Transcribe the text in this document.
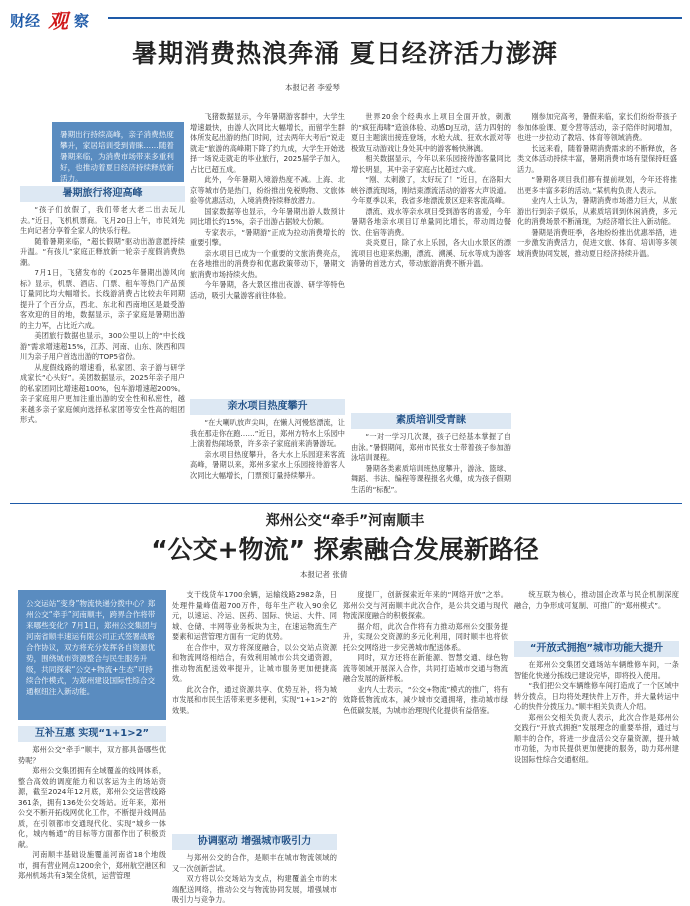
财经 观 察
暑期消费热浪奔涌 夏日经济活力澎湃
本报记者 李爱琴
暑期出行持续高峰，亲子消费热度攀升，家居培训受到青睐……随着暑期来临，为消费市场带来多重利好，也推动着夏日经济持续释放新活力。
暑期旅行将迎高峰

“孩子们放假了，我们带老大老二出去玩儿去。”近日，飞机机票商。飞月20日上午，市民刘先生向记者分享着全家人的快乐行程。

随着暑期来临，“超长假期”驱动出游意愿持续升温。“有孩儿”家庭正释放新一轮亲子度假消费热潮。

7月1日，飞猪发布的《2025年暑期出游风向标》显示，机票、酒店、门票、租车等热门产品预订量同比均大幅增长。长线游消费占比较去年同期提升了个百分点，西北、东北和西南地区是最受游客欢迎的目的地，数据显示，亲子家庭是暑期出游的主力军，占比近六成。

美团旅行数据也显示，300公里以上的“中长线游”需求增速超15%，江苏、河南、山东、陕西和四川为亲子用户首选出游的TOP5省份。

从度假线路的增速看，私家团、亲子游与研学成家长“心头好”。美团数据显示，2025年亲子用户的私家团同比增速超100%，包车游增速超200%。亲子家庭用户更加注重出游的安全性和私密性，越来越多亲子家庭倾向选择私家团等安全性高的组团形式。

飞猪数据显示，今年暑期游客群中，大学生增速最快，由游人次同比大幅增长，而留学生群体所发起出游的热门时间，过去两年大考后“说走就走”旅游的高峰期下降了约九成，大学生开始选择一场说走就走的毕业旅行，2025届学子加入，占比已超五成。

此外，今年暑期入境游热度不减。上海、北京等城市仍是热门，纷纷推出免税购物、文旅体验等优惠活动，入境消费持续释放潜力。

国家数据等也显示，今年暑期出游人数预计同比增长约15%，亲子出游占据较大份额。

专家表示，“暑期游”正成为拉动消费增长的重要引擎。

亲水项目已成为一个重要的文旅消费亮点，在各地推出的消费券和优惠政策带动下，暑期文旅消费市场持续火热。

今年暑期，各大景区推出夜游、研学等特色活动，吸引大量游客前往体验。

亲水项目热度攀升

“在大喇叭放声尖叫，在懒人河慢悠漂流，让我在那走你在跑……”近日，郑州方特水上乐园中上演着热闹场景，许多亲子家庭前来消暑游玩。

亲水项目热度攀升，各大水上乐园迎来客流高峰，暑期以来，郑州多家水上乐园接待游客人次同比大幅增长，门票预订量持续攀升。

世界20余个经典水上项目全面开放，刺激的“疯狂海啸”造浪体验、动感DJ互动，活力四射的夏日主题演出接连登场，水枪大战、狂欢水派对等极致互动游戏让身处其中的游客畅快淋漓。

相关数据显示，今年以来乐园接待游客量同比增长明显，其中亲子家庭占比超过六成。

“刚、太刺激了，太好玩了！”近日，在洛阳大峡谷漂流现场，刚结束漂流活动的游客大声说道。今年夏季以来，我省多地漂流景区迎来客流高峰。

漂流、戏水等亲水项目受到游客的喜爱，今年暑期各地亲水项目订单量同比增长，带动周边餐饮、住宿等消费。

炎炎夏日，除了水上乐园，各大山水景区的漂流项目也迎来热潮，漂流、溯溪、玩水等成为游客消暑的首选方式，带动旅游消费不断升温。

素质培训受青睐

“一对一学习几次课，孩子已经基本掌握了自由泳。”暑假期间，郑州市民张女士带着孩子参加游泳培训课程。

暑期各类素质培训班热度攀升，游泳、篮球、舞蹈、书法、编程等课程报名火爆，成为孩子假期生活的“标配”。

刚参加完高考，暑假来临，家长们纷纷带孩子参加体验课、夏令营等活动，亲子陪伴时间增加，也进一步拉动了教培、体育等领域消费。

长远来看，随着暑期消费需求的不断释放，各类文体活动持续丰富，暑期消费市场有望保持旺盛活力。

“暑期各项目我们都有提前规划，今年还将推出更多丰富多彩的活动。”某机构负责人表示。

业内人士认为，暑期消费市场潜力巨大，从旅游出行到亲子娱乐，从素质培训到休闲消费，多元化的消费场景不断涌现，为经济增长注入新动能。

暑期是消费旺季，各地纷纷推出优惠举措，进一步激发消费活力，促进文旅、体育、培训等多领域消费协同发展，推动夏日经济持续升温。

郑州公交“牵手”河南顺丰
“公交+物流” 探索融合发展新路径
本报记者 张倩
公交运站“变身”物流快递分拨中心？郑州公交“牵手”河南顺丰，跨界合作将带来哪些变化？7月1日，郑州公交集团与河南省顺丰速运有限公司正式签署战略合作协议，双方将充分发挥各自资源优势，围绕城市资源整合与民生服务升级，共同探索“公交+物流+生态”可持续合作模式，为郑州建设国际性综合交通枢纽注入新动能。
互补互惠 实现“1+1>2”

郑州公交“牵手”顺丰，双方都具备哪些优势呢？

郑州公交集团拥有全域覆盖的线网体系，整合高效的调度能力和以客运为主的场站资源，截至2024年12月底，郑州公交运营线路361条，拥有136处公交场站。近年来，郑州公交不断开拓线网优化工作，不断提升线网品质，在引领都市交通现代化、实现“城乡一体化，城内畅通”的目标等方面都作出了积极贡献。

河南顺丰基础设施覆盖河南省18个地级市，拥有营业网点1200余个，郑州航空港区和郑州机场共有3架全货机，运营管理

支干线货车1700余辆，运输线路2982条，日处理件量峰值超700万件，每年生产收入90余亿元，以速运、冷运、医药、国际、快运、大件、同城、仓储、丰网等业务板块为主，在速运物流生产要素和运营管理方面有一定的优势。

在合作中，双方将深度融合，以公交站点资源和物流网络相结合，有效利用城市公共交通资源，推动物流配送效率提升，让城市服务更加便捷高效。

此次合作，通过资源共享、优势互补，将为城市发展和市民生活带来更多便利，实现“1+1>2”的效果。

协调驱动 增强城市吸引力

与郑州公交的合作，是顺丰在城市物流领域的又一次创新尝试。

双方将以公交场站为支点，构建覆盖全市的末端配送网络，推动公交与物流协同发展，增强城市吸引力与竞争力。

度提厂，创新探索近年来的“网络开放”之举。郑州公交与河南顺丰此次合作，是公共交通与现代物流深度融合的积极探索。

据介绍，此次合作将有力推动郑州公交服务提升，实现公交资源的多元化利用，同时顺丰也将依托公交网络进一步完善城市配送体系。

同时，双方还将在新能源、智慧交通、绿色物流等领域开展深入合作，共同打造城市交通与物流融合发展的新样板。

业内人士表示，“公交+物流”模式的推广，将有效降低物流成本，减少城市交通拥堵，推动城市绿色低碳发展，为城市治理现代化提供有益借鉴。

统互联为核心，推动国企改革与民企机制深度融合，力争形成可复制、可推广的“郑州模式”。

“开放式拥抱”城市功能大提升

在郑州公交集团交通场站车辆维修车间，一条智能化快递分拣线已建设完毕，即将投入使用。

“我们把公交车辆维修车间打造成了一个区域中转分拨点，日均将处理快件上万件，并大量转运中心的快件分拨压力。”顺丰相关负责人介绍。

郑州公交相关负责人表示，此次合作是郑州公交践行“开放式拥抱”发展理念的重要举措，通过与顺丰的合作，将进一步盘活公交存量资源，提升城市功能，为市民提供更加便捷的服务，助力郑州建设国际性综合交通枢纽。
